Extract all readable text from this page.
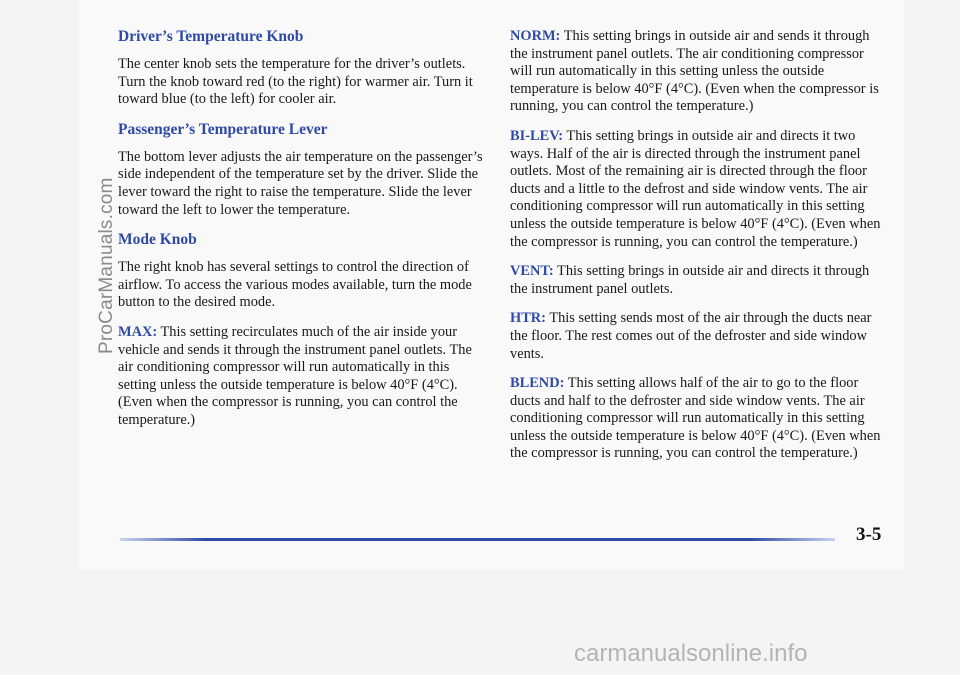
Driver’s Temperature Knob

The center knob sets the temperature for the driver’s outlets. Turn the knob toward red (to the right) for warmer air. Turn it toward blue (to the left) for cooler air.

Passenger’s Temperature Lever

The bottom lever adjusts the air temperature on the passenger’s side independent of the temperature set by the driver. Slide the lever toward the right to raise the temperature. Slide the lever toward the left to lower the temperature.

Mode Knob

The right knob has several settings to control the direction of airflow. To access the various modes available, turn the mode button to the desired mode.

MAX: This setting recirculates much of the air inside your vehicle and sends it through the instrument panel outlets. The air conditioning compressor will run automatically in this setting unless the outside temperature is below 40°F (4°C). (Even when the compressor is running, you can control the temperature.)

NORM: This setting brings in outside air and sends it through the instrument panel outlets. The air conditioning compressor will run automatically in this setting unless the outside temperature is below 40°F (4°C). (Even when the compressor is running, you can control the temperature.)

BI-LEV: This setting brings in outside air and directs it two ways. Half of the air is directed through the instrument panel outlets. Most of the remaining air is directed through the floor ducts and a little to the defrost and side window vents. The air conditioning compressor will run automatically in this setting unless the outside temperature is below 40°F (4°C). (Even when the compressor is running, you can control the temperature.)

VENT: This setting brings in outside air and directs it through the instrument panel outlets.

HTR: This setting sends most of the air through the ducts near the floor. The rest comes out of the defroster and side window vents.

BLEND: This setting allows half of the air to go to the floor ducts and half to the defroster and side window vents. The air conditioning compressor will run automatically in this setting unless the outside temperature is below 40°F (4°C). (Even when the compressor is running, you can control the temperature.)

3-5
ProCarManuals.com
carmanualsonline.info
